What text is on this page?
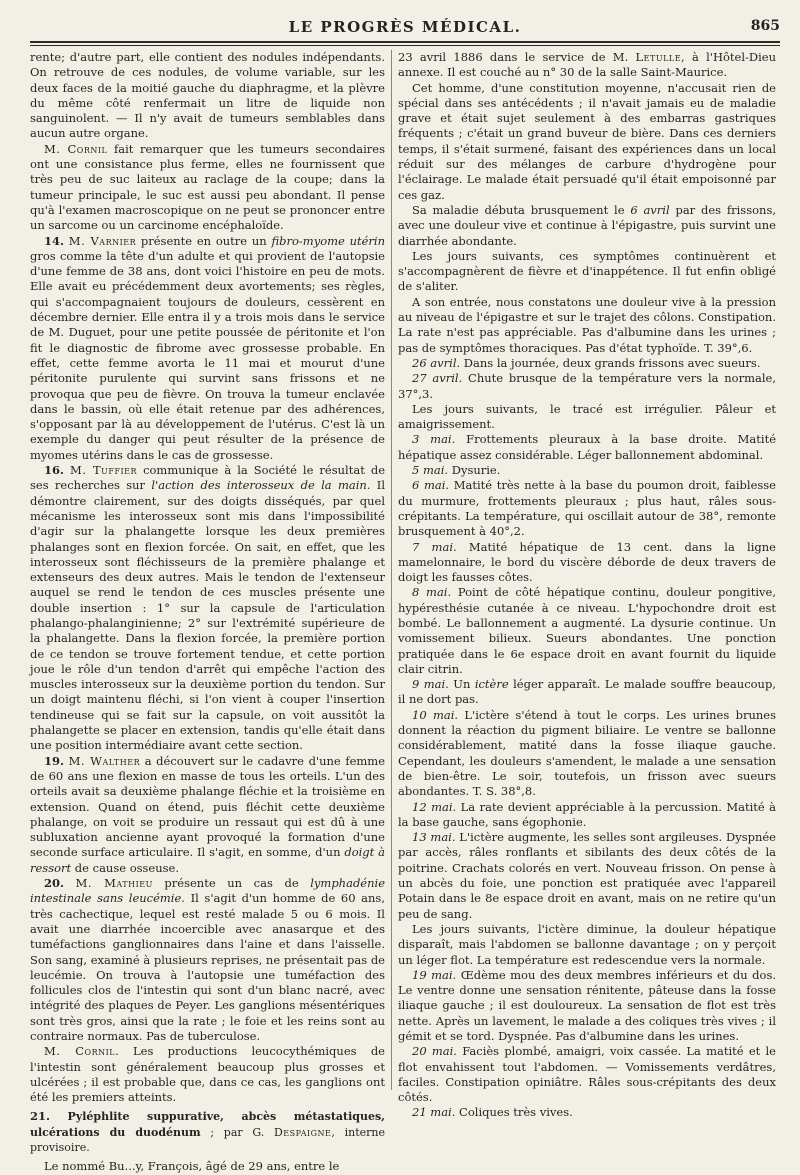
LE PROGRÈS MÉDICAL.	865

rente; d'autre part, elle contient des nodules indépendants. On retrouve de ces nodules, de volume variable, sur les deux faces de la moitié gauche du diaphragme, et la plèvre du même côté renfermait un litre de liquide non sanguinolent. — Il n'y avait de tumeurs semblables dans aucun autre organe.

M. Cornil fait remarquer que les tumeurs secondaires ont une consistance plus ferme, elles ne fournissent que très peu de suc laiteux au raclage de la coupe; dans la tumeur principale, le suc est aussi peu abondant. Il pense qu'à l'examen macroscopique on ne peut se prononcer entre un sarcome ou un carcinome encéphaloïde.

14. M. Varnier présente en outre un fibro-myome utérin gros comme la tête d'un adulte et qui provient de l'autopsie d'une femme de 38 ans, dont voici l'histoire en peu de mots. Elle avait eu précédemment deux avortements; ses règles, qui s'accompagnaient toujours de douleurs, cessèrent en décembre dernier. Elle entra il y a trois mois dans le service de M. Duguet, pour une petite poussée de péritonite et l'on fit le diagnostic de fibrome avec grossesse probable. En effet, cette femme avorta le 11 mai et mourut d'une péritonite purulente qui survint sans frissons et ne provoqua que peu de fièvre. On trouva la tumeur enclavée dans le bassin, où elle était retenue par des adhérences, s'opposant par là au développement de l'utérus. C'est là un exemple du danger qui peut résulter de la présence de myomes utérins dans le cas de grossesse.

16. M. Tuffier communique à la Société le résultat de ses recherches sur l'action des interosseux de la main. Il démontre clairement, sur des doigts disséqués, par quel mécanisme les interosseux sont mis dans l'impossibilité d'agir sur la phalangette lorsque les deux premières phalanges sont en flexion forcée. On sait, en effet, que les interosseux sont fléchisseurs de la première phalange et extenseurs des deux autres. Mais le tendon de l'extenseur auquel se rend le tendon de ces muscles présente une double insertion : 1° sur la capsule de l'articulation phalango-phalanginienne; 2° sur l'extrémité supérieure de la phalangette. Dans la flexion forcée, la première portion de ce tendon se trouve fortement tendue, et cette portion joue le rôle d'un tendon d'arrêt qui empêche l'action des muscles interosseux sur la deuxième portion du tendon. Sur un doigt maintenu fléchi, si l'on vient à couper l'insertion tendineuse qui se fait sur la capsule, on voit aussitôt la phalangette se placer en extension, tandis qu'elle était dans une position intermédiaire avant cette section.

19. M. Walther a découvert sur le cadavre d'une femme de 60 ans une flexion en masse de tous les orteils. L'un des orteils avait sa deuxième phalange fléchie et la troisième en extension. Quand on étend, puis fléchit cette deuxième phalange, on voit se produire un ressaut qui est dû à une subluxation ancienne ayant provoqué la formation d'une seconde surface articulaire. Il s'agit, en somme, d'un doigt à ressort de cause osseuse.

20. M. Mathieu présente un cas de lymphadénie intestinale sans leucémie. Il s'agit d'un homme de 60 ans, très cachectique, lequel est resté malade 5 ou 6 mois. Il avait une diarrhée incoercible avec anasarque et des tuméfactions ganglionnaires dans l'aine et dans l'aisselle. Son sang, examiné à plusieurs reprises, ne présentait pas de leucémie. On trouva à l'autopsie une tuméfaction des follicules clos de l'intestin qui sont d'un blanc nacré, avec intégrité des plaques de Peyer. Les ganglions mésentériques sont très gros, ainsi que la rate ; le foie et les reins sont au contraire normaux. Pas de tuberculose.

M. Cornil. Les productions leucocythémiques de l'intestin sont généralement beaucoup plus grosses et ulcérées ; il est probable que, dans ce cas, les ganglions ont été les premiers atteints.

21. Pyléphlite suppurative, abcès métastatiques, ulcérations du duodénum ; par G. Despaigne, interne provisoire.

Le nommé Bu...y, François, âgé de 29 ans, entre le

23 avril 1886 dans le service de M. Letulle, à l'Hôtel-Dieu annexe. Il est couché au n° 30 de la salle Saint-Maurice.

Cet homme, d'une constitution moyenne, n'accusait rien de spécial dans ses antécédents ; il n'avait jamais eu de maladie grave et était sujet seulement à des embarras gastriques fréquents ; c'était un grand buveur de bière. Dans ces derniers temps, il s'était surmené, faisant des expériences dans un local réduit sur des mélanges de carbure d'hydrogène pour l'éclairage. Le malade était persuadé qu'il était empoisonné par ces gaz.

Sa maladie débuta brusquement le 6 avril par des frissons, avec une douleur vive et continue à l'épigastre, puis survint une diarrhée abondante.

Les jours suivants, ces symptômes continuèrent et s'accompagnèrent de fièvre et d'inappétence. Il fut enfin obligé de s'aliter.

A son entrée, nous constatons une douleur vive à la pression au niveau de l'épigastre et sur le trajet des côlons. Constipation. La rate n'est pas appréciable. Pas d'albumine dans les urines ; pas de symptômes thoraciques. Pas d'état typhoïde. T. 39°,6.

26 avril. Dans la journée, deux grands frissons avec sueurs.

27 avril. Chute brusque de la température vers la normale, 37°,3.

Les jours suivants, le tracé est irrégulier. Pâleur et amaigrissement.

3 mai. Frottements pleuraux à la base droite. Matité hépatique assez considérable. Léger ballonnement abdominal.

5 mai. Dysurie.

6 mai. Matité très nette à la base du poumon droit, faiblesse du murmure, frottements pleuraux ; plus haut, râles sous-crépitants. La température, qui oscillait autour de 38°, remonte brusquement à 40°,2.

7 mai. Matité hépatique de 13 cent. dans la ligne mamelonnaire, le bord du viscère déborde de deux travers de doigt les fausses côtes.

8 mai. Point de côté hépatique continu, douleur pongitive, hypéresthésie cutanée à ce niveau. L'hypochondre droit est bombé. Le ballonnement a augmenté. La dysurie continue. Un vomissement bilieux. Sueurs abondantes. Une ponction pratiquée dans le 6e espace droit en avant fournit du liquide clair citrin.

9 mai. Un ictère léger apparaît. Le malade souffre beaucoup, il ne dort pas.

10 mai. L'ictère s'étend à tout le corps. Les urines brunes donnent la réaction du pigment biliaire. Le ventre se ballonne considérablement, matité dans la fosse iliaque gauche. Cependant, les douleurs s'amendent, le malade a une sensation de bien-être. Le soir, toutefois, un frisson avec sueurs abondantes. T. S. 38°,8.

12 mai. La rate devient appréciable à la percussion. Matité à la base gauche, sans égophonie.

13 mai. L'ictère augmente, les selles sont argileuses. Dyspnée par accès, râles ronflants et sibilants des deux côtés de la poitrine. Crachats colorés en vert. Nouveau frisson. On pense à un abcès du foie, une ponction est pratiquée avec l'appareil Potain dans le 8e espace droit en avant, mais on ne retire qu'un peu de sang.

Les jours suivants, l'ictère diminue, la douleur hépatique disparaît, mais l'abdomen se ballonne davantage ; on y perçoit un léger flot. La température est redescendue vers la normale.

19 mai. Œdème mou des deux membres inférieurs et du dos. Le ventre donne une sensation rénitente, pâteuse dans la fosse iliaque gauche ; il est douloureux. La sensation de flot est très nette. Après un lavement, le malade a des coliques très vives ; il gémit et se tord. Dyspnée. Pas d'albumine dans les urines.

20 mai. Faciès plombé, amaigri, voix cassée. La matité et le flot envahissent tout l'abdomen. — Vomissements verdâtres, faciles. Constipation opiniâtre. Râles sous-crépitants des deux côtés.

21 mai. Coliques très vives.
